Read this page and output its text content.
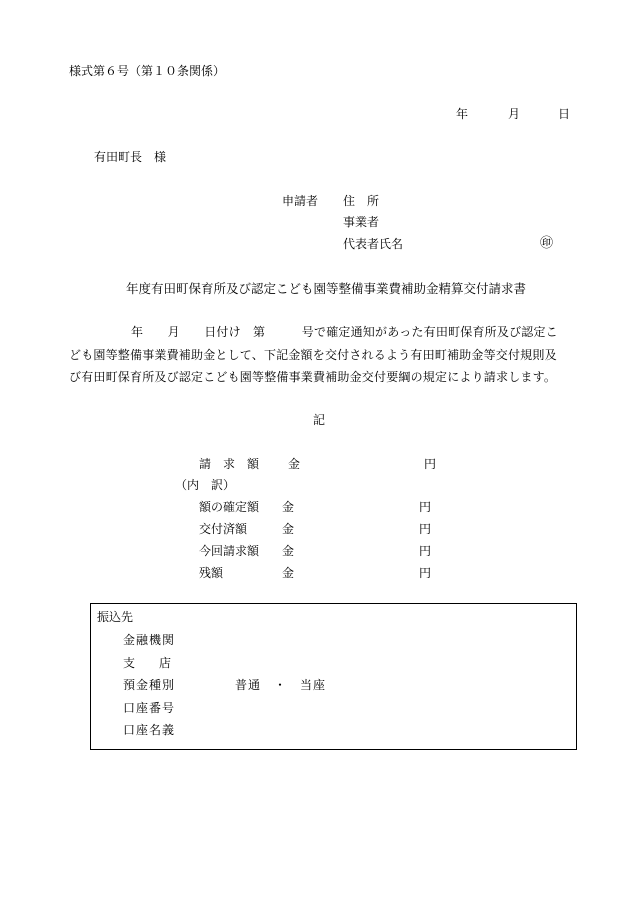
様式第６号（第１０条関係）
年	月	日
有田町長　様
申請者 住　所
事業者
代表者氏名	㊞
年度有田町保育所及び認定こども園等整備事業費補助金精算交付請求書
年　　月　　日付け　第　　　号で確定通知があった有田町保育所及び認定こ
ども園等整備事業費補助金として、下記金額を交付されるよう有田町補助金等交付規則及
び有田町保育所及び認定こども園等整備事業費補助金交付要綱の規定により請求します。
記
請　求　額 金	円
（内　訳）
額の確定額 金	円
交付済額	金	円
今回請求額 金	円
残額	金	円
振込先
金融機関
支　　店
預金種別	普通　・　当座
口座番号
口座名義
